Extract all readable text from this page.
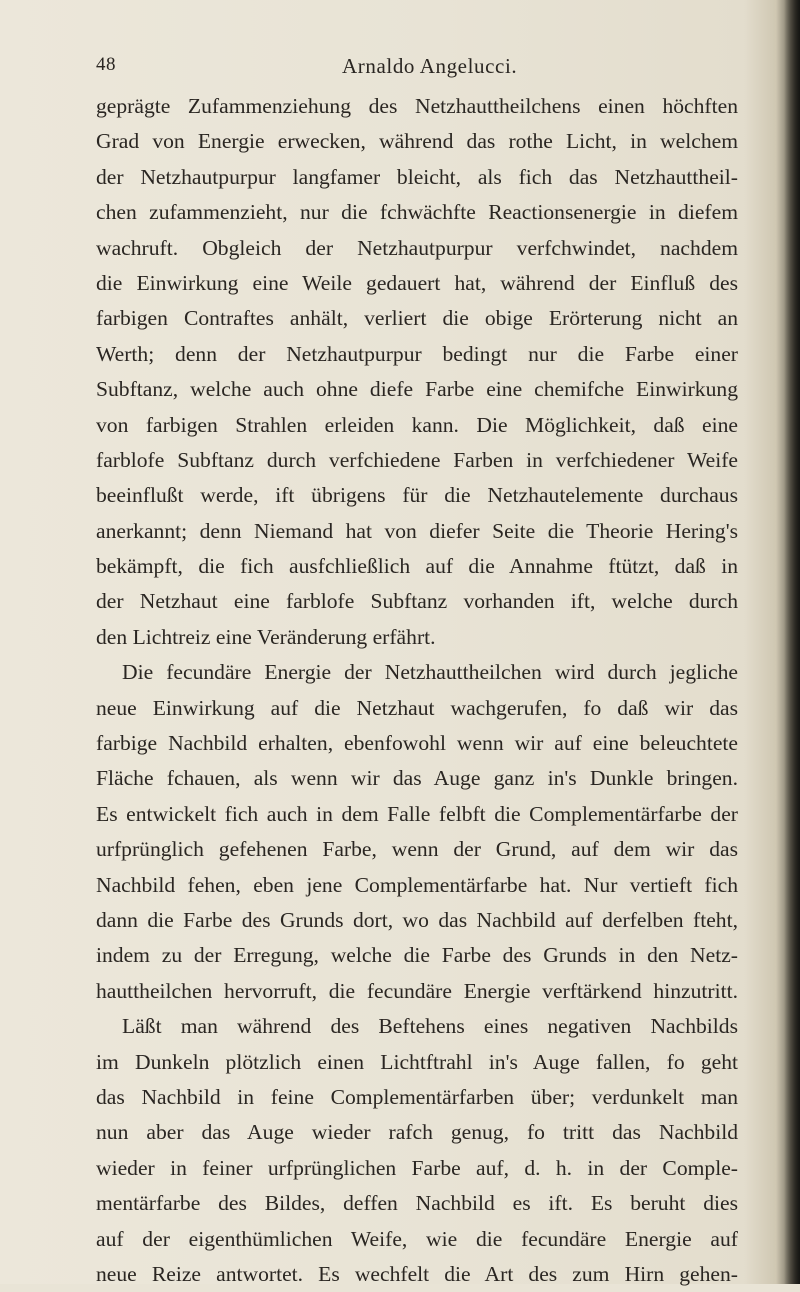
48	Arnaldo Angelucci.
geprägte Zufammenziehung des Netzhauttheilchens einen höchften
Grad von Energie erwecken, während das rothe Licht, in welchem
der Netzhautpurpur langfamer bleicht, als fich das Netzhauttheil-
chen zufammenzieht, nur die fchwächfte Reactionsenergie in diefem
wachruft. Obgleich der Netzhautpurpur verfchwindet, nachdem
die Einwirkung eine Weile gedauert hat, während der Einfluß des
farbigen Contraftes anhält, verliert die obige Erörterung nicht an
Werth; denn der Netzhautpurpur bedingt nur die Farbe einer
Subftanz, welche auch ohne diefe Farbe eine chemifche Einwirkung
von farbigen Strahlen erleiden kann. Die Möglichkeit, daß eine
farblofe Subftanz durch verfchiedene Farben in verfchiedener Weife
beeinflußt werde, ift übrigens für die Netzhautelemente durchaus
anerkannt; denn Niemand hat von diefer Seite die Theorie Hering's
bekämpft, die fich ausfchließlich auf die Annahme ftützt, daß in
der Netzhaut eine farblofe Subftanz vorhanden ift, welche durch
den Lichtreiz eine Veränderung erfährt.
Die fecundäre Energie der Netzhauttheilchen wird durch jegliche
neue Einwirkung auf die Netzhaut wachgerufen, fo daß wir das
farbige Nachbild erhalten, ebenfowohl wenn wir auf eine beleuchtete
Fläche fchauen, als wenn wir das Auge ganz in's Dunkle bringen.
Es entwickelt fich auch in dem Falle felbft die Complementärfarbe der
urfprünglich gefehenen Farbe, wenn der Grund, auf dem wir das
Nachbild fehen, eben jene Complementärfarbe hat. Nur vertieft fich
dann die Farbe des Grunds dort, wo das Nachbild auf derfelben fteht,
indem zu der Erregung, welche die Farbe des Grunds in den Netz-
hauttheilchen hervorruft, die fecundäre Energie verftärkend hinzutritt.
Läßt man während des Beftehens eines negativen Nachbilds
im Dunkeln plötzlich einen Lichtftrahl in's Auge fallen, fo geht
das Nachbild in feine Complementärfarben über; verdunkelt man
nun aber das Auge wieder rafch genug, fo tritt das Nachbild
wieder in feiner urfprünglichen Farbe auf, d. h. in der Comple-
mentärfarbe des Bildes, deffen Nachbild es ift. Es beruht dies
auf der eigenthümlichen Weife, wie die fecundäre Energie auf
neue Reize antwortet. Es wechfelt die Art des zum Hirn gehen-
